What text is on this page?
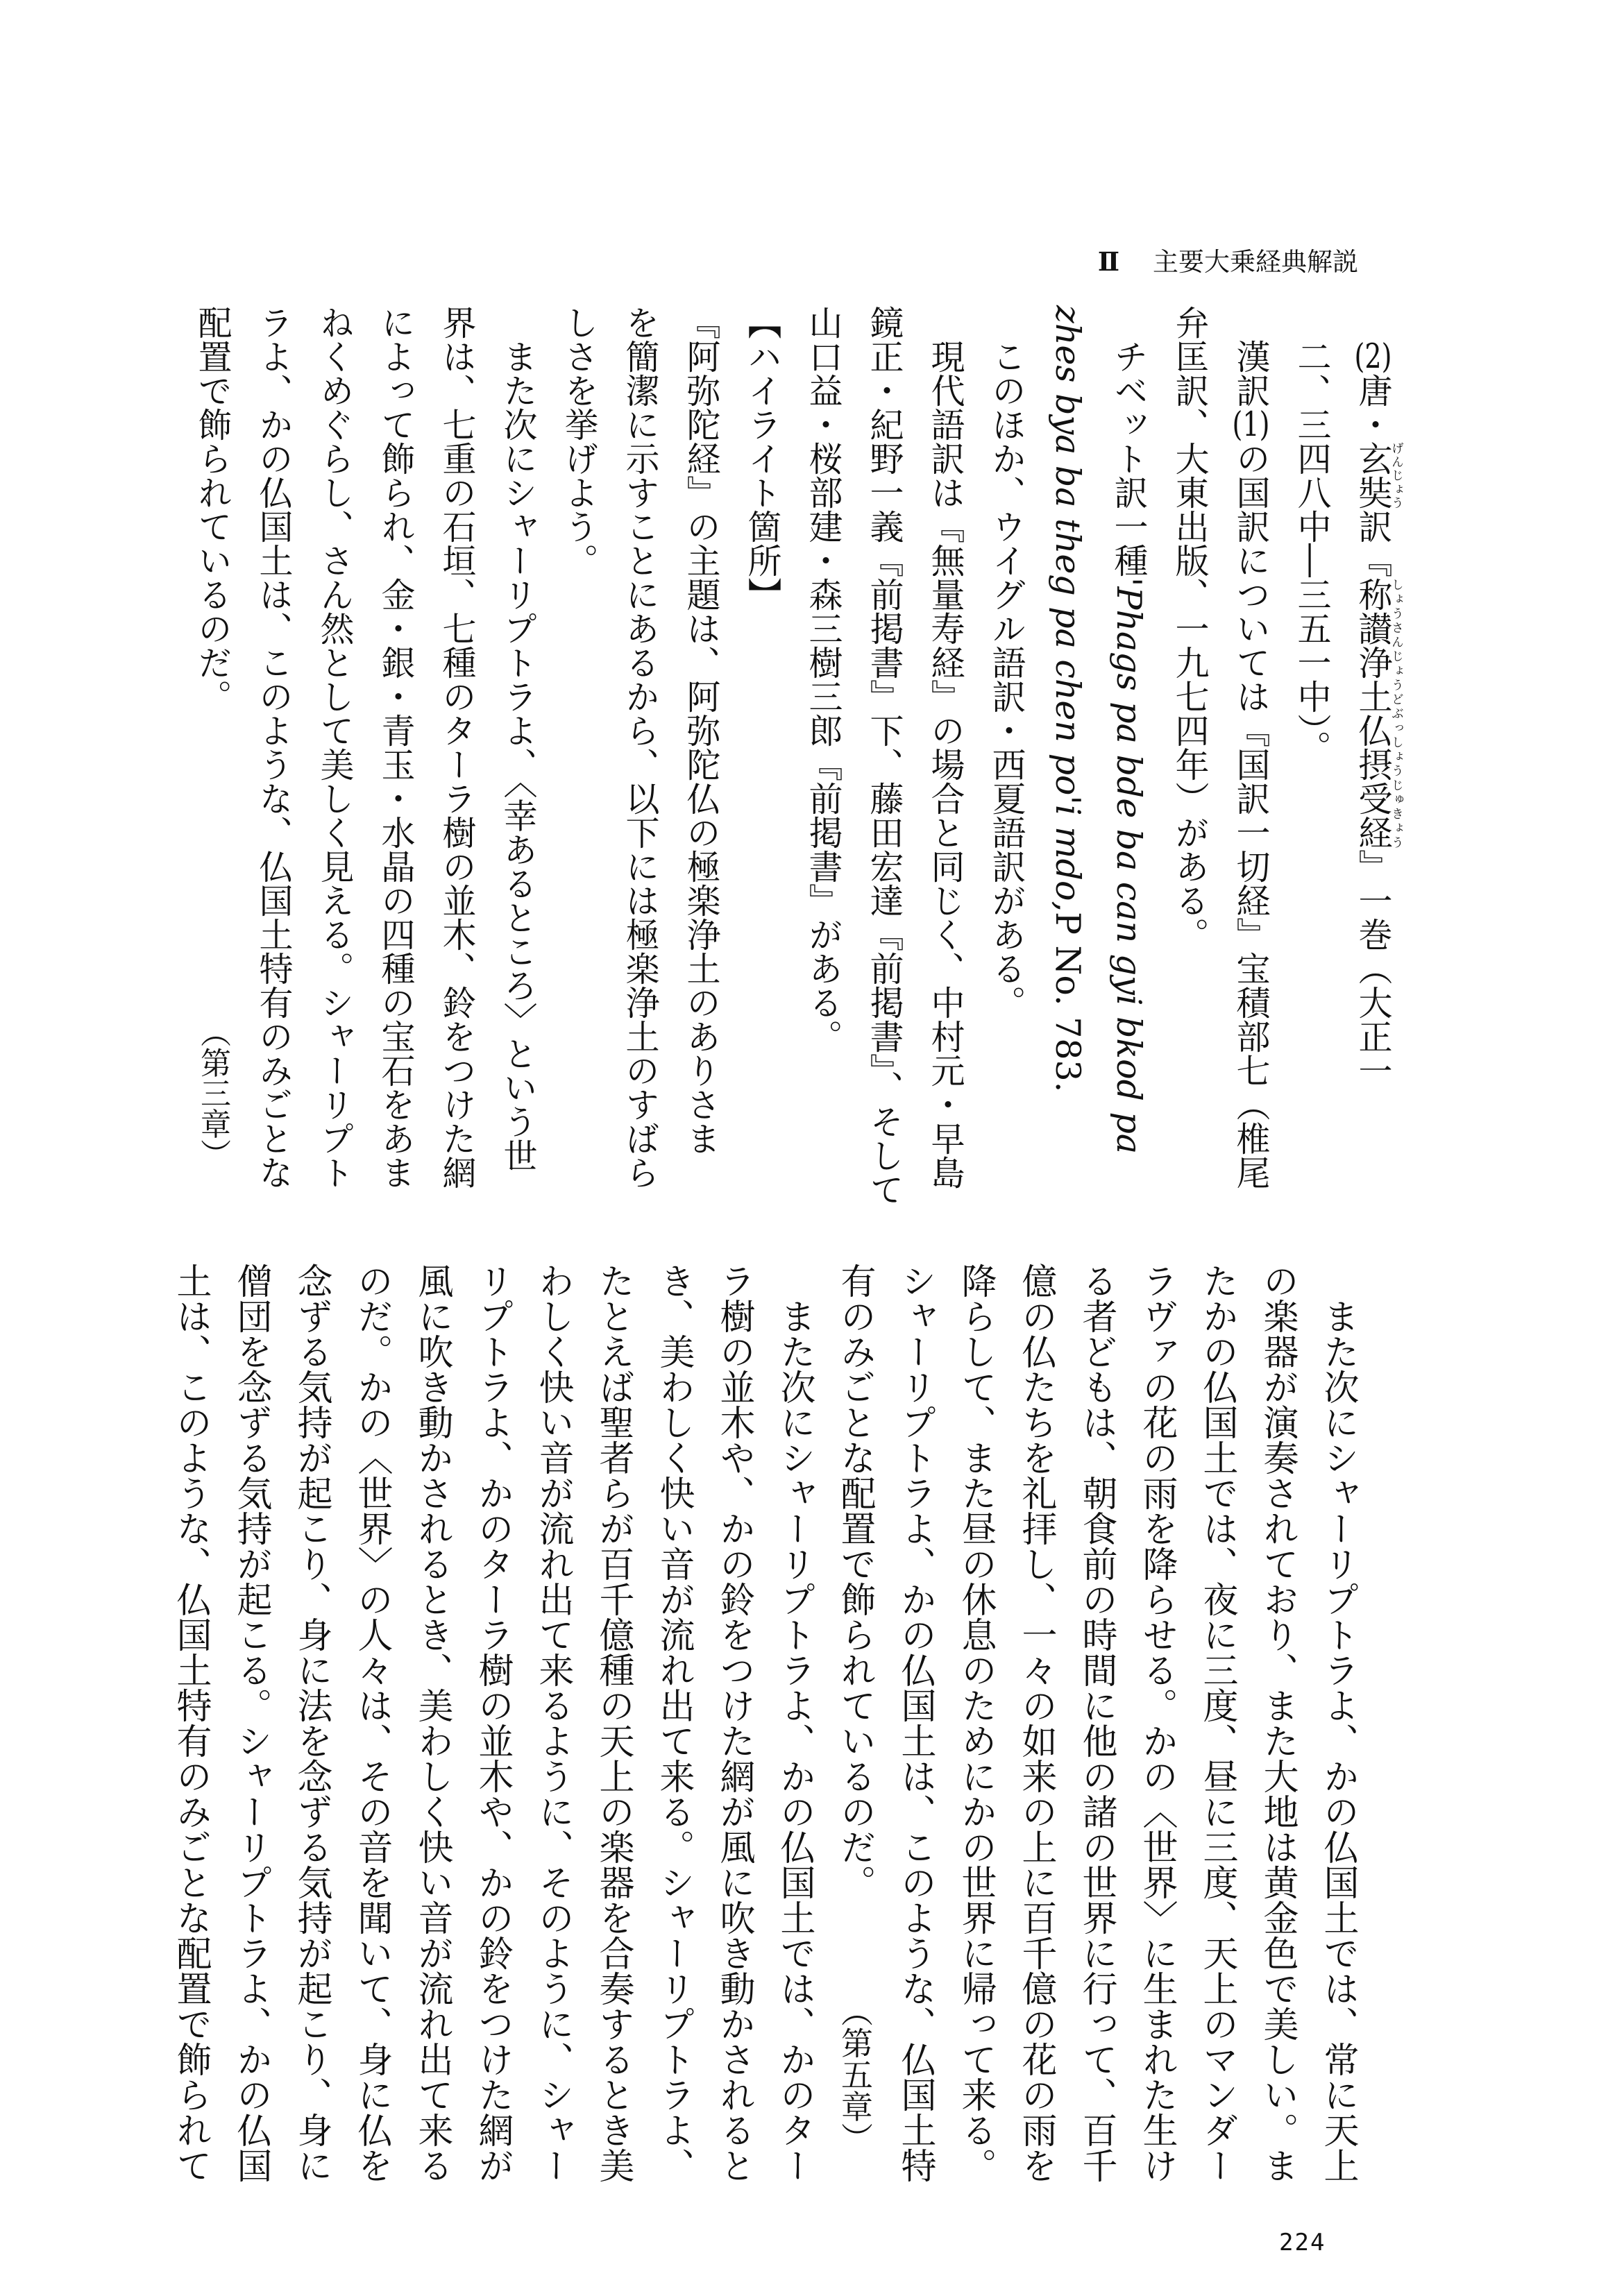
Ⅱ 主要大乗経典解説

(2)
唐・
玄奘げんじょう
訳『
称讃浄土仏摂受経しょうさんじょうどぶっしょうじゅきょう
』一巻（大正一
　二、三四八中―三五一中）。
　漢訳
(1)
の国訳については『国訳一切経』宝積部七（椎尾
弁匡訳、大東出版、一九七四年）がある。
　チベット訳一種
'Phags pa bde ba can gyi bkod pa
zhes bya ba theg pa chen po'i mdo,
P No. 783.
　このほか、ウイグル語訳・西夏語訳がある。
　現代語訳は『無量寿経』の場合と同じく、中村元・早島
鏡正・紀野一義『前掲書』下、藤田宏達『前掲書』、そして
山口益・桜部建・森三樹三郎『前掲書』がある。
【ハイライト箇所】
『阿弥陀経』の主題は、阿弥陀仏の極楽浄土のありさま
を簡潔に示すことにあるから、以下には極楽浄土のすばら
しさを挙げよう。
　また次にシャーリプトラよ、〈幸あるところ〉という世
界は、七重の石垣、七種のターラ樹の並木、鈴をつけた網
によって飾られ、金・銀・青玉・水晶の四種の宝石をあま
ねくめぐらし、さん然として美しく見える。シャーリプト
ラよ、かの仏国土は、このような、仏国土特有のみごとな
配置で飾られているのだ。
（第三章）
　また次にシャーリプトラよ、かの仏国土では、常に天上
の楽器が演奏されており、また大地は黄金色で美しい。ま
たかの仏国土では、夜に三度、昼に三度、天上のマンダー
ラヴァの花の雨を降らせる。かの〈世界〉に生まれた生け
る者どもは、朝食前の時間に他の諸の世界に行って、百千
億の仏たちを礼拝し、一々の如来の上に百千億の花の雨を
降らして、また昼の休息のためにかの世界に帰って来る。
シャーリプトラよ、かの仏国土は、このような、仏国土特
有のみごとな配置で飾られているのだ。
（第五章）
　また次にシャーリプトラよ、かの仏国土では、かのター
ラ樹の並木や、かの鈴をつけた網が風に吹き動かされると
き、美わしく快い音が流れ出て来る。シャーリプトラよ、
たとえば聖者らが百千億種の天上の楽器を合奏するとき美
わしく快い音が流れ出て来るように、そのように、シャー
リプトラよ、かのターラ樹の並木や、かの鈴をつけた網が
風に吹き動かされるとき、美わしく快い音が流れ出て来る
のだ。かの〈世界〉の人々は、その音を聞いて、身に仏を
念ずる気持が起こり、身に法を念ずる気持が起こり、身に
僧団を念ずる気持が起こる。シャーリプトラよ、かの仏国
土は、このような、仏国土特有のみごとな配置で飾られて
224
